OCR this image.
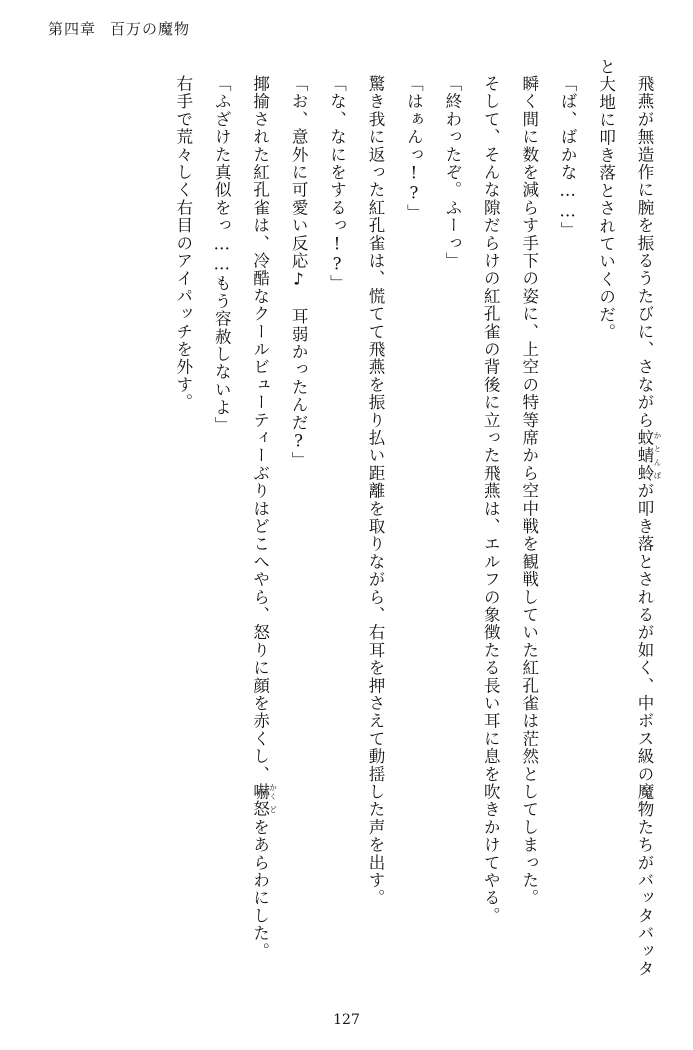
第四章 百万の魔物

飛燕が無造作に腕を振るうたびに、さながら蚊蜻蛉 かとんぼが叩き落とされるが如く、中ボス級の魔物たちがバッタバッタと大地に叩き落とされていくのだ。

「ば、ばかな……」

瞬く間に数を減らす手下の姿に、上空の特等席から空中戦を観戦していた紅孔雀は茫然としてしまった。

そして、そんな隙だらけの紅孔雀の背後に立った飛燕は、エルフの象徴たる長い耳に息を吹きかけてやる。

「終わったぞ。ふーっ」

「はぁんっ!?」

驚き我に返った紅孔雀は、慌てて飛燕を振り払い距離を取りながら、右耳を押さえて動揺した声を出す。

「な、なにをするっ!?」

「お、意外に可愛い反応♪　耳弱かったんだ?」

揶揄された紅孔雀は、冷酷なクールビューティーぶりはどこへやら、怒りに顔を赤くし、嚇 かく怒 どをあらわにした。

「ふざけた真似をっ……もう容赦しないよ」

右手で荒々しく右目のアイパッチを外す。

127
